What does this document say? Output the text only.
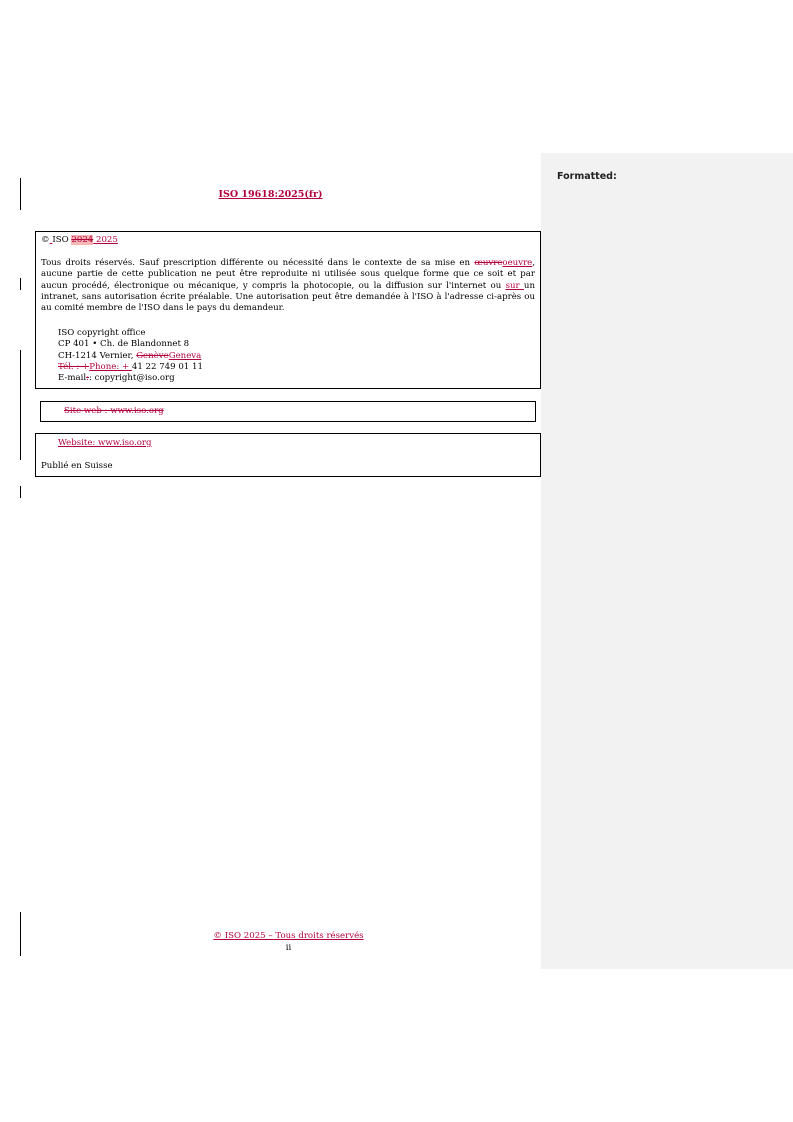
Formatted:
ISO 19618:2025(fr)
© ISO 2024 2025
Tous droits réservés. Sauf prescription différente ou nécessité dans le contexte de sa mise en œuvreoeuvre, aucune partie de cette publication ne peut être reproduite ni utilisée sous quelque forme que ce soit et par aucun procédé, électronique ou mécanique, y compris la photocopie, ou la diffusion sur l'internet ou sur un intranet, sans autorisation écrite préalable. Une autorisation peut être demandée à l'ISO à l'adresse ci-après ou au comité membre de l'ISO dans le pays du demandeur.
ISO copyright office
CP 401 • Ch. de Blandonnet 8
CH-1214 Vernier, GenèveGeneva
Tél. : +Phone: + 41 22 749 01 11
E-mail:: copyright@iso.org
Site web : www.iso.org
Website: www.iso.org
Publié en Suisse
© ISO 2025 – Tous droits réservés
ii
